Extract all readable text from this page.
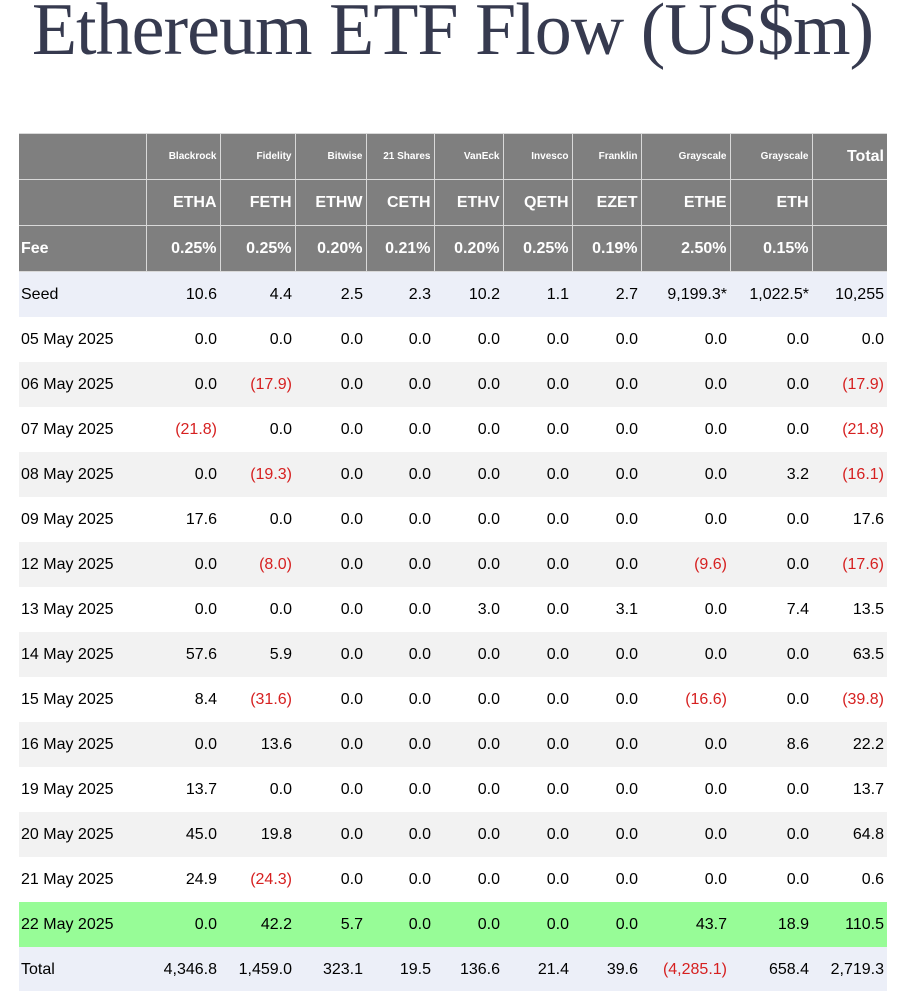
Ethereum ETF Flow (US$m)
	Blackrock	Fidelity	Bitwise	21 Shares	VanEck	Invesco	Franklin	Grayscale	Grayscale	Total
	ETHA	FETH	ETHW	CETH	ETHV	QETH	EZET	ETHE	ETH	
Fee	0.25%	0.25%	0.20%	0.21%	0.20%	0.25%	0.19%	2.50%	0.15%	
Seed	10.6	4.4	2.5	2.3	10.2	1.1	2.7	9,199.3*	1,022.5*	10,255
05 May 2025	0.0	0.0	0.0	0.0	0.0	0.0	0.0	0.0	0.0	0.0
06 May 2025	0.0	(17.9)	0.0	0.0	0.0	0.0	0.0	0.0	0.0	(17.9)
07 May 2025	(21.8)	0.0	0.0	0.0	0.0	0.0	0.0	0.0	0.0	(21.8)
08 May 2025	0.0	(19.3)	0.0	0.0	0.0	0.0	0.0	0.0	3.2	(16.1)
09 May 2025	17.6	0.0	0.0	0.0	0.0	0.0	0.0	0.0	0.0	17.6
12 May 2025	0.0	(8.0)	0.0	0.0	0.0	0.0	0.0	(9.6)	0.0	(17.6)
13 May 2025	0.0	0.0	0.0	0.0	3.0	0.0	3.1	0.0	7.4	13.5
14 May 2025	57.6	5.9	0.0	0.0	0.0	0.0	0.0	0.0	0.0	63.5
15 May 2025	8.4	(31.6)	0.0	0.0	0.0	0.0	0.0	(16.6)	0.0	(39.8)
16 May 2025	0.0	13.6	0.0	0.0	0.0	0.0	0.0	0.0	8.6	22.2
19 May 2025	13.7	0.0	0.0	0.0	0.0	0.0	0.0	0.0	0.0	13.7
20 May 2025	45.0	19.8	0.0	0.0	0.0	0.0	0.0	0.0	0.0	64.8
21 May 2025	24.9	(24.3)	0.0	0.0	0.0	0.0	0.0	0.0	0.0	0.6
22 May 2025	0.0	42.2	5.7	0.0	0.0	0.0	0.0	43.7	18.9	110.5
Total	4,346.8	1,459.0	323.1	19.5	136.6	21.4	39.6	(4,285.1)	658.4	2,719.3
